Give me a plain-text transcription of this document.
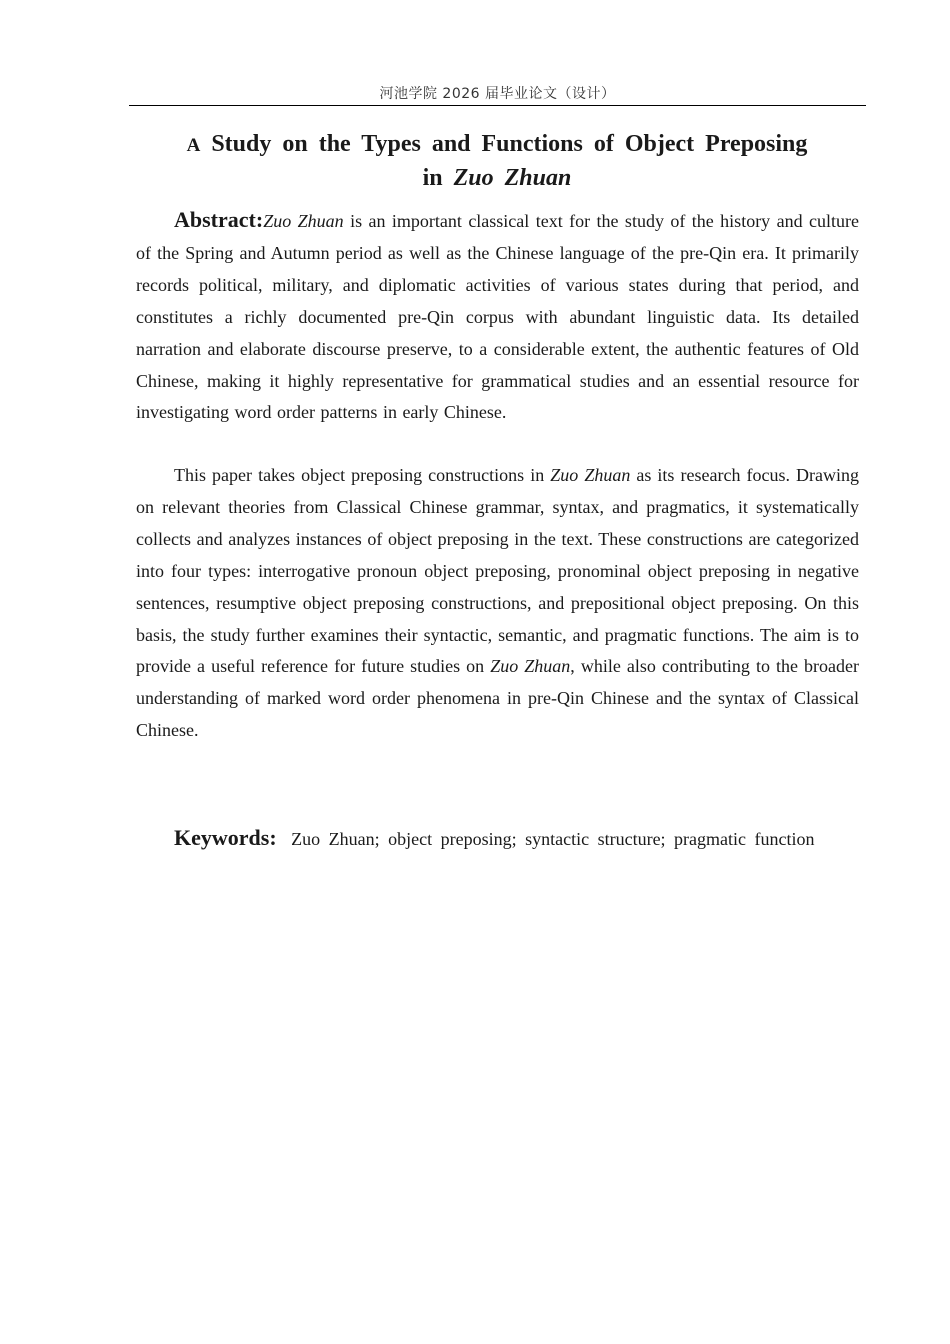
河池学院 2026 届毕业论文（设计）
A Study on the Types and Functions of Object Preposing
in Zuo Zhuan

Abstract:Zuo Zhuan is an important classical text for the study of the history and culture of the Spring and Autumn period as well as the Chinese language of the pre-Qin era. It primarily records political, military, and diplomatic activities of various states during that period, and constitutes a richly documented pre-Qin corpus with abundant linguistic data. Its detailed narration and elaborate discourse preserve, to a considerable extent, the authentic features of Old Chinese, making it highly representative for grammatical studies and an essential resource for investigating word order patterns in early Chinese.

This paper takes object preposing constructions in Zuo Zhuan as its research focus. Drawing on relevant theories from Classical Chinese grammar, syntax, and pragmatics, it systematically collects and analyzes instances of object preposing in the text. These constructions are categorized into four types: interrogative pronoun object preposing, pronominal object preposing in negative sentences, resumptive object preposing constructions, and prepositional object preposing. On this basis, the study further examines their syntactic, semantic, and pragmatic functions. The aim is to provide a useful reference for future studies on Zuo Zhuan, while also contributing to the broader understanding of marked word order phenomena in pre-Qin Chinese and the syntax of Classical Chinese.

Keywords: Zuo Zhuan; object preposing; syntactic structure; pragmatic function
